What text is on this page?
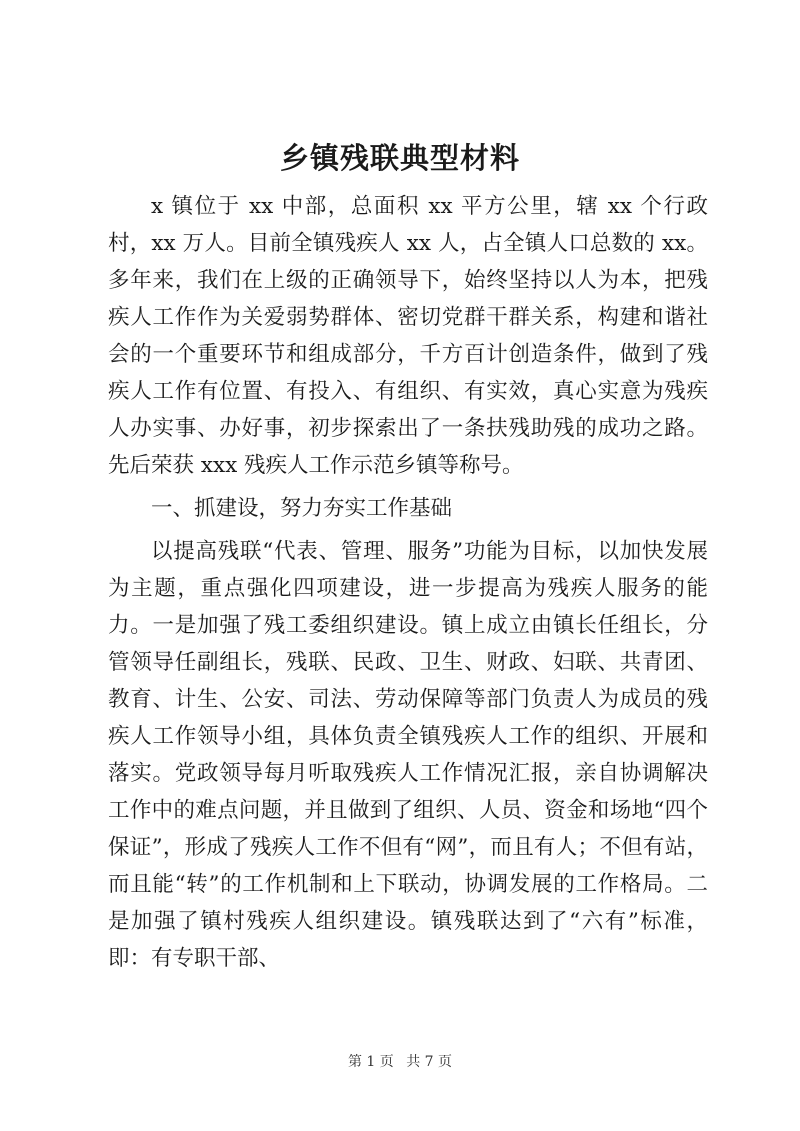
乡镇残联典型材料

x 镇位于 xx 中部，总面积 xx 平方公里，辖 xx 个行政村，xx 万人。目前全镇残疾人 xx 人，占全镇人口总数的 xx。多年来，我们在上级的正确领导下，始终坚持以人为本，把残疾人工作作为关爱弱势群体、密切党群干群关系，构建和谐社会的一个重要环节和组成部分，千方百计创造条件，做到了残疾人工作有位置、有投入、有组织、有实效，真心实意为残疾人办实事、办好事，初步探索出了一条扶残助残的成功之路。先后荣获 xxx 残疾人工作示范乡镇等称号。

一、抓建设，努力夯实工作基础

以提高残联“代表、管理、服务”功能为目标，以加快发展为主题，重点强化四项建设，进一步提高为残疾人服务的能力。一是加强了残工委组织建设。镇上成立由镇长任组长，分管领导任副组长，残联、民政、卫生、财政、妇联、共青团、教育、计生、公安、司法、劳动保障等部门负责人为成员的残疾人工作领导小组，具体负责全镇残疾人工作的组织、开展和落实。党政领导每月听取残疾人工作情况汇报，亲自协调解决工作中的难点问题，并且做到了组织、人员、资金和场地“四个保证”，形成了残疾人工作不但有“网”，而且有人；不但有站，而且能“转”的工作机制和上下联动，协调发展的工作格局。二是加强了镇村残疾人组织建设。镇残联达到了“六有”标准，即：有专职干部、

第 1 页 共 7 页
